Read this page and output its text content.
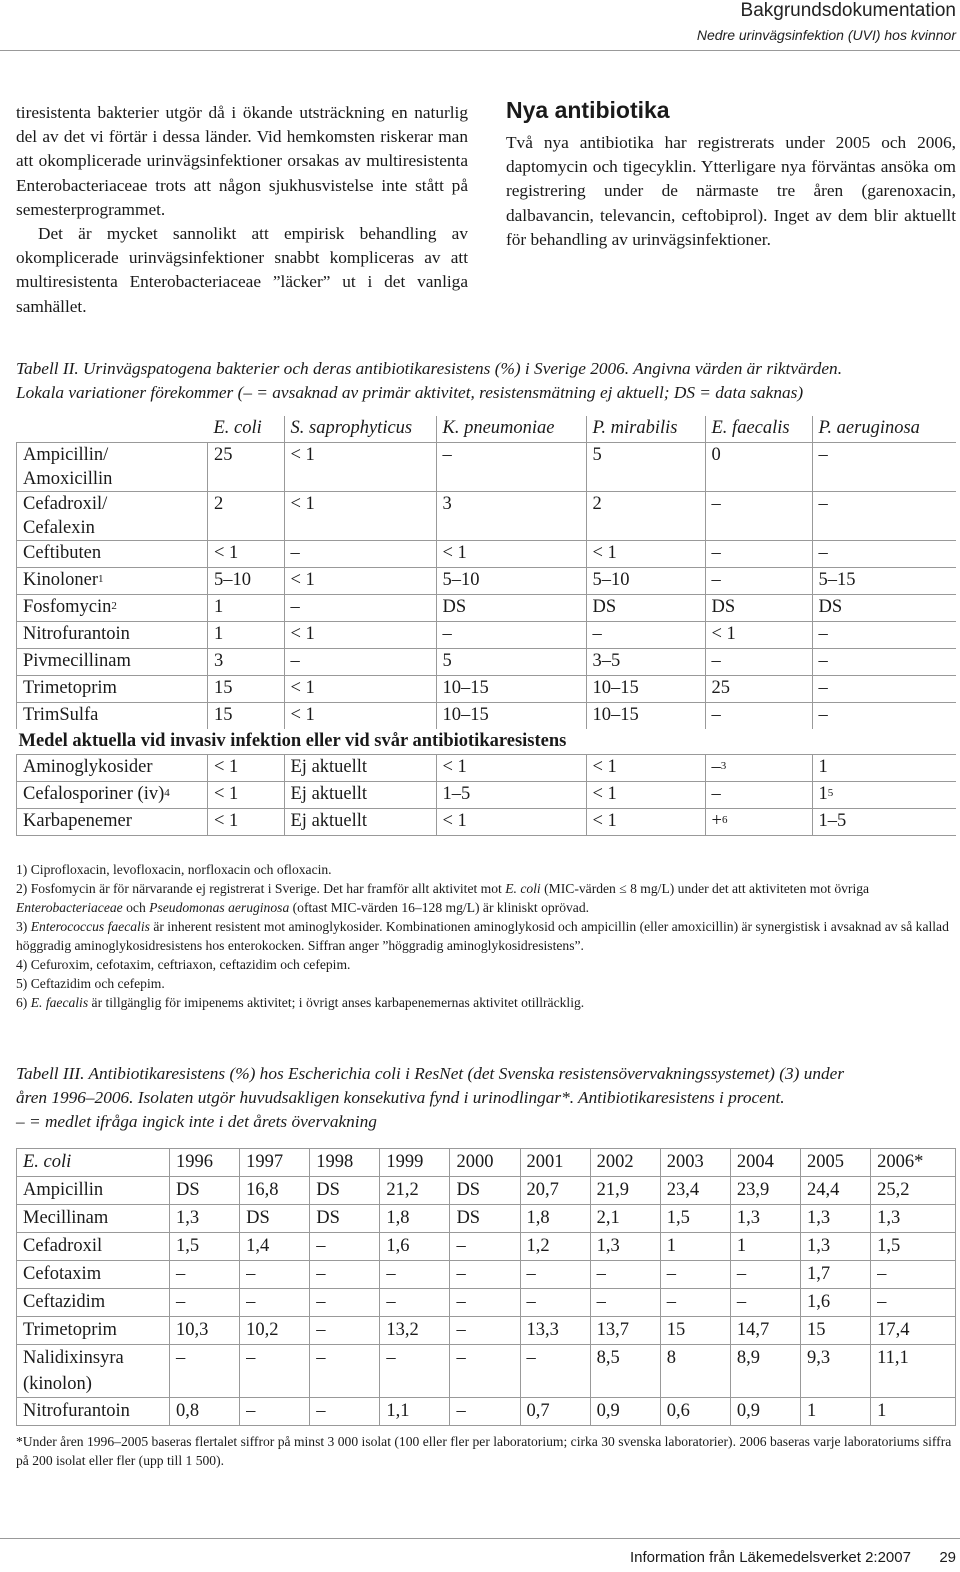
Bakgrundsdokumentation
Nedre urinvägsinfektion (UVI) hos kvinnor

tiresistenta bakterier utgör då i ökande utsträckning en naturlig del av det vi förtär i dessa länder. Vid hemkomsten riskerar man att okomplicerade urinvägsinfektioner orsakas av multiresistenta Enterobacteriaceae trots att någon sjukhusvistelse inte stått på semesterprogrammet.

Det är mycket sannolikt att empirisk behandling av okomplicerade urinvägsinfektioner snabbt kompliceras av att multiresistenta Enterobacteriaceae ”läcker” ut i det vanliga samhället.

Nya antibiotika

Två nya antibiotika har registrerats under 2005 och 2006, daptomycin och tigecyklin. Ytterligare nya förväntas ansöka om registrering under de närmaste tre åren (garenoxacin, dalbavancin, televancin, ceftobiprol). Inget av dem blir aktuellt för behandling av urinvägsinfektioner.

Tabell II. Urinvägspatogena bakterier och deras antibiotikaresistens (%) i Sverige 2006. Angivna värden är riktvärden.
Lokala variationer förekommer (– = avsaknad av primär aktivitet, resistensmätning ej aktuell; DS = data saknas)
	E. coli	S. saprophyticus	K. pneumoniae	P. mirabilis	E. faecalis	P. aeruginosa
Ampicillin/
Amoxicillin	25	< 1	–	5	0	–
Cefadroxil/
Cefalexin	2	< 1	3	2	–	–
Ceftibuten	< 1	–	< 1	< 1	–	–
Kinoloner$^1$	5–10	< 1	5–10	5–10	–	5–15
Fosfomycin$^2$	1	–	DS	DS	DS	DS
Nitrofurantoin	1	< 1	–	–	< 1	–
Pivmecillinam	3	–	5	3–5	–	–
Trimetoprim	15	< 1	10–15	10–15	25	–
TrimSulfa	15	< 1	10–15	10–15	–	–
Medel aktuella vid invasiv infektion eller vid svår antibiotikaresistens						
Aminoglykosider	< 1	Ej aktuellt	< 1	< 1	–$^3$	1
Cefalosporiner (iv)$^4$	< 1	Ej aktuellt	1–5	< 1	–	$1^5$
Karbapenemer	< 1	Ej aktuellt	< 1	< 1	+$^6$	1–5
1) Ciprofloxacin, levofloxacin, norfloxacin och ofloxacin.
2) Fosfomycin är för närvarande ej registrerat i Sverige. Det har framför allt aktivitet mot E. coli (MIC-värden ≤ 8 mg/L) under det att aktiviteten mot övriga Enterobacteriaceae och Pseudomonas aeruginosa (oftast MIC-värden 16–128 mg/L) är kliniskt oprövad.
3) Enterococcus faecalis är inherent resistent mot aminoglykosider. Kombinationen aminoglykosid och ampicillin (eller amoxicillin) är synergistisk i avsaknad av så kallad höggradig aminoglykosidresistens hos enterokocken. Siffran anger ”höggradig aminoglykosidresistens”.
4) Cefuroxim, cefotaxim, ceftriaxon, ceftazidim och cefepim.
5) Ceftazidim och cefepim.
6) E. faecalis är tillgänglig för imipenems aktivitet; i övrigt anses karbapenemernas aktivitet otillräcklig.
Tabell III. Antibiotikaresistens (%) hos Escherichia coli i ResNet (det Svenska resistensövervakningssystemet) (3) under
åren 1996–2006. Isolaten utgör huvudsakligen konsekutiva fynd i urinodlingar*. Antibiotikaresistens i procent.
– = medlet ifråga ingick inte i det årets övervakning
E. coli	1996	1997	1998	1999	2000	2001	2002	2003	2004	2005	2006*
Ampicillin	DS	16,8	DS	21,2	DS	20,7	21,9	23,4	23,9	24,4	25,2
Mecillinam	1,3	DS	DS	1,8	DS	1,8	2,1	1,5	1,3	1,3	1,3
Cefadroxil	1,5	1,4	–	1,6	–	1,2	1,3	1	1	1,3	1,5
Cefotaxim	–	–	–	–	–	–	–	–	–	1,7	–
Ceftazidim	–	–	–	–	–	–	–	–	–	1,6	–
Trimetoprim	10,3	10,2	–	13,2	–	13,3	13,7	15	14,7	15	17,4
Nalidixinsyra
(kinolon)	–	–	–	–	–	–	8,5	8	8,9	9,3	11,1
Nitrofurantoin	0,8	–	–	1,1	–	0,7	0,9	0,6	0,9	1	1
*Under åren 1996–2005 baseras flertalet siffror på minst 3 000 isolat (100 eller fler per laboratorium; cirka 30 svenska laboratorier). 2006 baseras varje laboratoriums siffra på 200 isolat eller fler (upp till 1 500).
Information från Läkemedelsverket 2:2007 29
